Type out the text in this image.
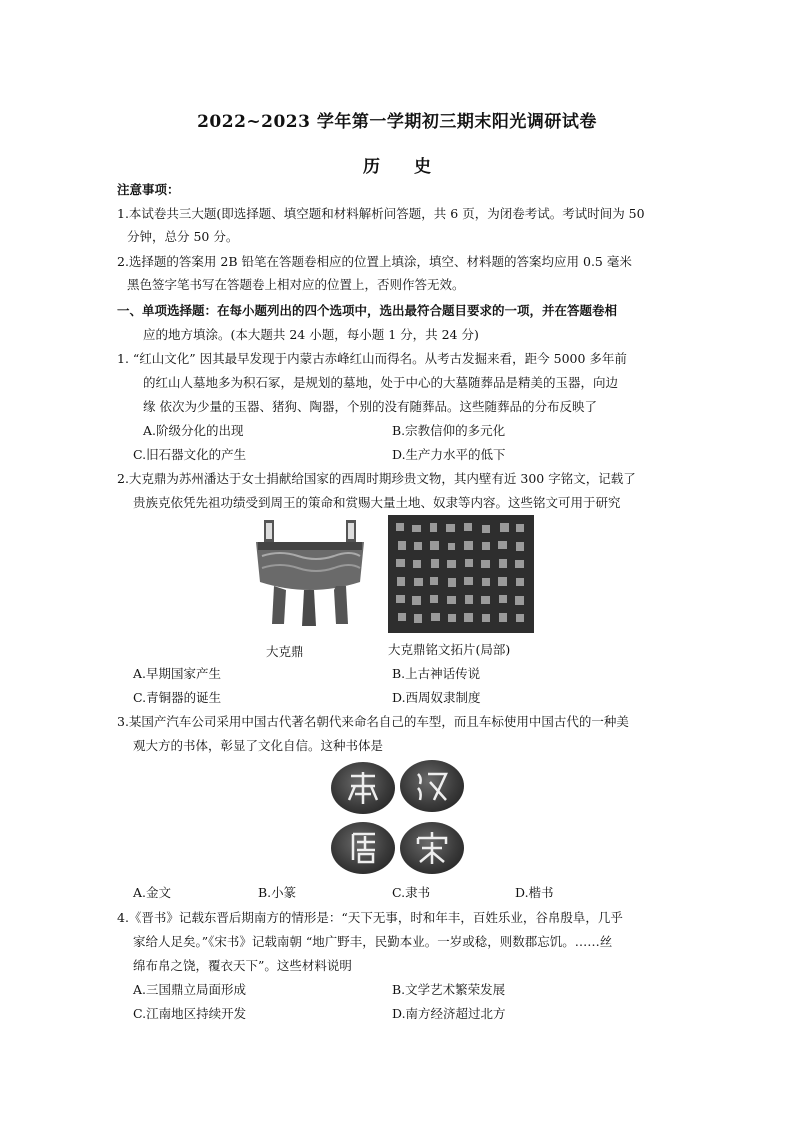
2022~2023 学年第一学期初三期末阳光调研试卷
历 史
注意事项：
1.本试卷共三大题(即选择题、填空题和材料解析问答题，共 6 页，为闭卷考试。考试时间为 50
分钟，总分 50 分。
2.选择题的答案用 2B 铅笔在答题卷相应的位置上填涂，填空、材料题的答案均应用 0.5 毫米
黑色签字笔书写在答题卷上相对应的位置上，否则作答无效。
一、单项选择题：在每小题列出的四个选项中，选出最符合题目要求的一项，并在答题卷相
应的地方填涂。(本大题共 24 小题，每小题 1 分，共 24 分)
1. “红山文化” 因其最早发现于内蒙古赤峰红山而得名。从考古发掘来看，距今 5000 多年前
的红山人墓地多为积石冢，是规划的墓地，处于中心的大墓随葬品是精美的玉器，向边
缘 依次为少量的玉器、猪狗、陶器，个别的没有随葬品。这些随葬品的分布反映了
A.阶级分化的出现	B.宗教信仰的多元化
C.旧石器文化的产生	D.生产力水平的低下
2.大克鼎为苏州潘达于女士捐献给国家的西周时期珍贵文物，其内壁有近 300 字铭文，记载了
贵族克依凭先祖功绩受到周王的策命和赏赐大量土地、奴隶等内容。这些铭文可用于研究
大克鼎	大克鼎铭文拓片(局部)
A.早期国家产生	B.上古神话传说
C.青铜器的诞生	D.西周奴隶制度
3.某国产汽车公司采用中国古代著名朝代来命名自己的车型，而且车标使用中国古代的一种美
观大方的书体，彰显了文化自信。这种书体是
A.金文	B.小篆	C.隶书	D.楷书
4.《晋书》记载东晋后期南方的情形是：“天下无事，时和年丰，百姓乐业，谷帛殷阜，几乎
家给人足矣。”《宋书》记载南朝 “地广野丰，民勤本业。一岁或稔，则数郡忘饥。……丝
绵布帛之饶，覆衣天下”。这些材料说明
A.三国鼎立局面形成	B.文学艺术繁荣发展
C.江南地区持续开发	D.南方经济超过北方
